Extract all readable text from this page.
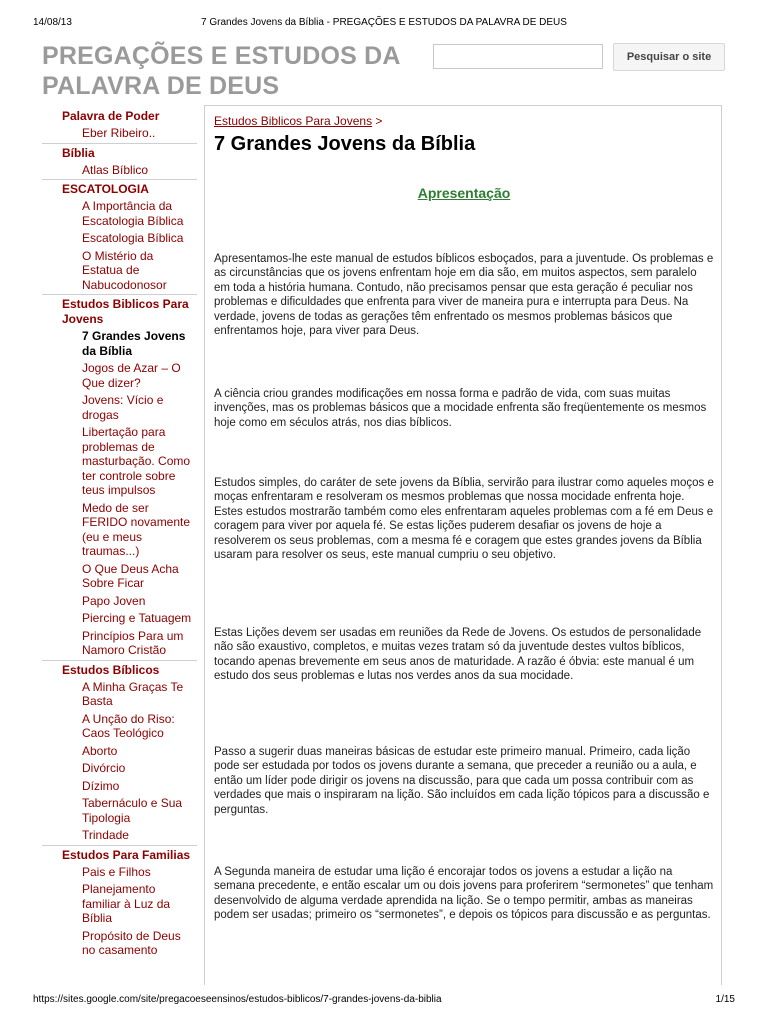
7 Grandes Jovens da Bíblia - PREGAÇÕES E ESTUDOS DA PALAVRA DE DEUS
14/08/13
PREGAÇÕES E ESTUDOS DA PALAVRA DE DEUS
Pesquisar o site
Palavra de Poder
Eber Ribeiro..
Bíblia
Atlas Bíblico
ESCATOLOGIA
A Importância da Escatologia Bíblica
Escatologia Bíblica
O Mistério da Estatua de Nabucodonosor
Estudos Biblicos Para Jovens
7 Grandes Jovens da Bíblia
Jogos de Azar – O Que dizer?
Jovens: Vício e drogas
Libertação para problemas de masturbação. Como ter controle sobre teus impulsos
Medo de ser FERIDO novamente (eu e meus traumas...)
O Que Deus Acha Sobre Ficar
Papo Joven
Piercing e Tatuagem
Princípios Para um Namoro Cristão
Estudos Bíblicos
A Minha Graças Te Basta
A Unção do Riso: Caos Teológico
Aborto
Divórcio
Dízimo
Tabernáculo e Sua Tipologia
Trindade
Estudos Para Familias
Pais e Filhos
Planejamento familiar à Luz da Bíblia
Propósito de Deus no casamento
Estudos Biblicos Para Jovens >
7 Grandes Jovens da Bíblia
Apresentação

Apresentamos-lhe este manual de estudos bíblicos esboçados, para a juventude. Os problemas e as circunstâncias que os jovens enfrentam hoje em dia são, em muitos aspectos, sem paralelo em toda a história humana. Contudo, não precisamos pensar que esta geração é peculiar nos problemas e dificuldades que enfrenta para viver de maneira pura e interrupta para Deus. Na verdade, jovens de todas as gerações têm enfrentado os mesmos problemas básicos que enfrentamos hoje, para viver para Deus.

A ciência criou grandes modificações em nossa forma e padrão de vida, com suas muitas invenções, mas os problemas básicos que a mocidade enfrenta são freqüentemente os mesmos hoje como em séculos atrás, nos dias bíblicos.

Estudos simples, do caráter de sete jovens da Bíblia, servirão para ilustrar como aqueles moços e moças enfrentaram e resolveram os mesmos problemas que nossa mocidade enfrenta hoje. Estes estudos mostrarão também como eles enfrentaram aqueles problemas com a fé em Deus e coragem para viver por aquela fé. Se estas lições puderem desafiar os jovens de hoje a resolverem os seus problemas, com a mesma fé e coragem que estes grandes jovens da Bíblia usaram para resolver os seus, este manual cumpriu o seu objetivo.

Estas Lições devem ser usadas em reuniões da Rede de Jovens. Os estudos de personalidade não são exaustivo, completos, e muitas vezes tratam só da juventude destes vultos bíblicos, tocando apenas brevemente em seus anos de maturidade. A razão é óbvia: este manual é um estudo dos seus problemas e lutas nos verdes anos da sua mocidade.

Passo a sugerir duas maneiras básicas de estudar este primeiro manual. Primeiro, cada lição pode ser estudada por todos os jovens durante a semana, que preceder a reunião ou a aula, e então um líder pode dirigir os jovens na discussão, para que cada um possa contribuir com as verdades que mais o inspiraram na lição. São incluídos em cada lição tópicos para a discussão e perguntas.

A Segunda maneira de estudar uma lição é encorajar todos os jovens a estudar a lição na semana precedente, e então escalar um ou dois jovens para proferirem “sermonetes” que tenham desenvolvido de alguma verdade aprendida na lição. Se o tempo permitir, ambas as maneiras podem ser usadas; primeiro os “sermonetes”, e depois os tópicos para discussão e as perguntas.

https://sites.google.com/site/pregacoeseensinos/estudos-biblicos/7-grandes-jovens-da-biblia	1/15
